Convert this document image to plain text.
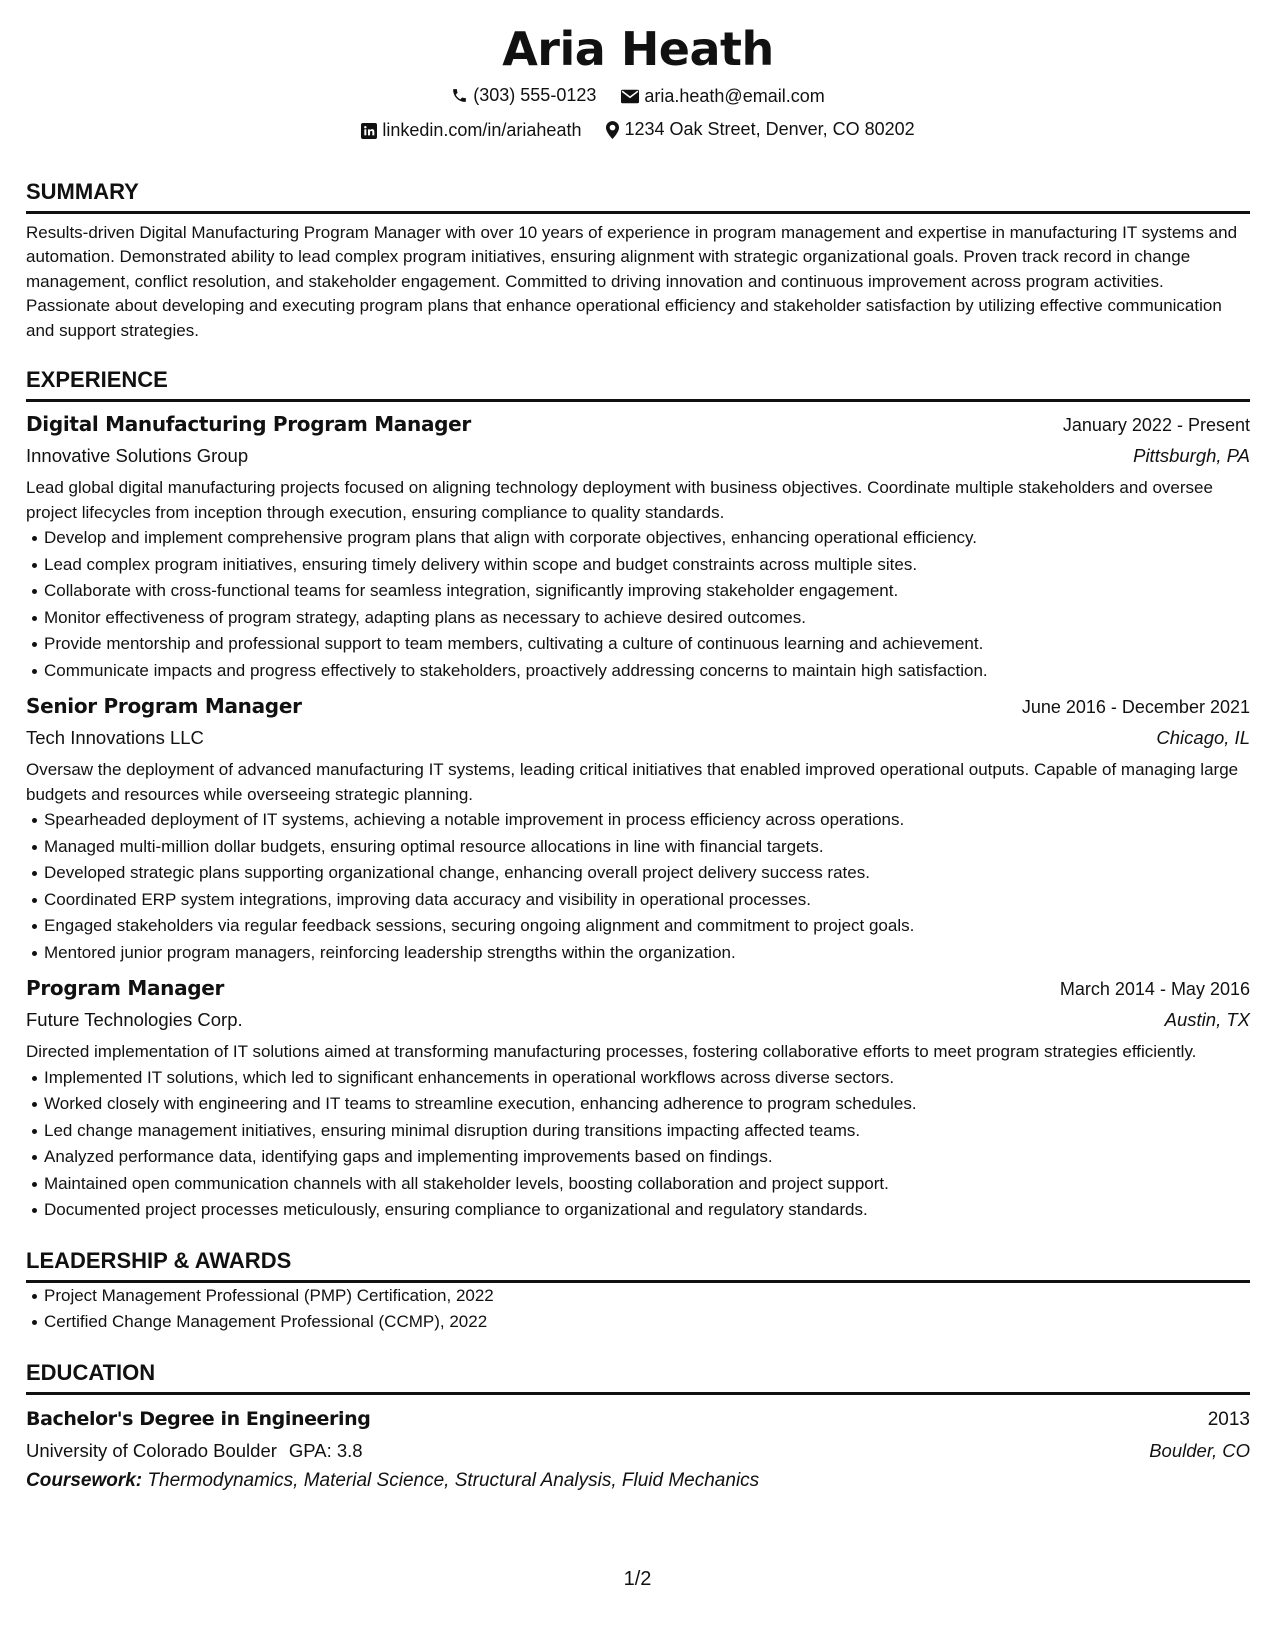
Aria Heath
(303) 555-0123
	aria.heath@email.com
linkedin.com/in/ariaheath
1234 Oak Street, Denver, CO 80202
SUMMARY
Results-driven Digital Manufacturing Program Manager with over 10 years of experience in program management and expertise in manufacturing IT systems and automation. Demonstrated ability to lead complex program initiatives, ensuring alignment with strategic organizational goals. Proven track record in change management, conflict resolution, and stakeholder engagement. Committed to driving innovation and continuous improvement across program activities. Passionate about developing and executing program plans that enhance operational efficiency and stakeholder satisfaction by utilizing effective communication and support strategies.
EXPERIENCE
Digital Manufacturing Program Manager	January 2022 - Present
Innovative Solutions Group	Pittsburgh, PA
Lead global digital manufacturing projects focused on aligning technology deployment with business objectives. Coordinate multiple stakeholders and oversee project lifecycles from inception through execution, ensuring compliance to quality standards.
Develop and implement comprehensive program plans that align with corporate objectives, enhancing operational efficiency.
Lead complex program initiatives, ensuring timely delivery within scope and budget constraints across multiple sites.
Collaborate with cross-functional teams for seamless integration, significantly improving stakeholder engagement.
Monitor effectiveness of program strategy, adapting plans as necessary to achieve desired outcomes.
Provide mentorship and professional support to team members, cultivating a culture of continuous learning and achievement.
Communicate impacts and progress effectively to stakeholders, proactively addressing concerns to maintain high satisfaction.
Senior Program Manager	June 2016 - December 2021
Tech Innovations LLC	Chicago, IL
Oversaw the deployment of advanced manufacturing IT systems, leading critical initiatives that enabled improved operational outputs. Capable of managing large budgets and resources while overseeing strategic planning.
Spearheaded deployment of IT systems, achieving a notable improvement in process efficiency across operations.
Managed multi-million dollar budgets, ensuring optimal resource allocations in line with financial targets.
Developed strategic plans supporting organizational change, enhancing overall project delivery success rates.
Coordinated ERP system integrations, improving data accuracy and visibility in operational processes.
Engaged stakeholders via regular feedback sessions, securing ongoing alignment and commitment to project goals.
Mentored junior program managers, reinforcing leadership strengths within the organization.
Program Manager	March 2014 - May 2016
Future Technologies Corp.	Austin, TX
Directed implementation of IT solutions aimed at transforming manufacturing processes, fostering collaborative efforts to meet program strategies efficiently.
Implemented IT solutions, which led to significant enhancements in operational workflows across diverse sectors.
Worked closely with engineering and IT teams to streamline execution, enhancing adherence to program schedules.
Led change management initiatives, ensuring minimal disruption during transitions impacting affected teams.
Analyzed performance data, identifying gaps and implementing improvements based on findings.
Maintained open communication channels with all stakeholder levels, boosting collaboration and project support.
Documented project processes meticulously, ensuring compliance to organizational and regulatory standards.
LEADERSHIP & AWARDS
Project Management Professional (PMP) Certification, 2022
Certified Change Management Professional (CCMP), 2022
EDUCATION
Bachelor's Degree in Engineering	2013
University of Colorado Boulder GPA: 3.8	Boulder, CO
Coursework: Thermodynamics, Material Science, Structural Analysis, Fluid Mechanics
1/2
